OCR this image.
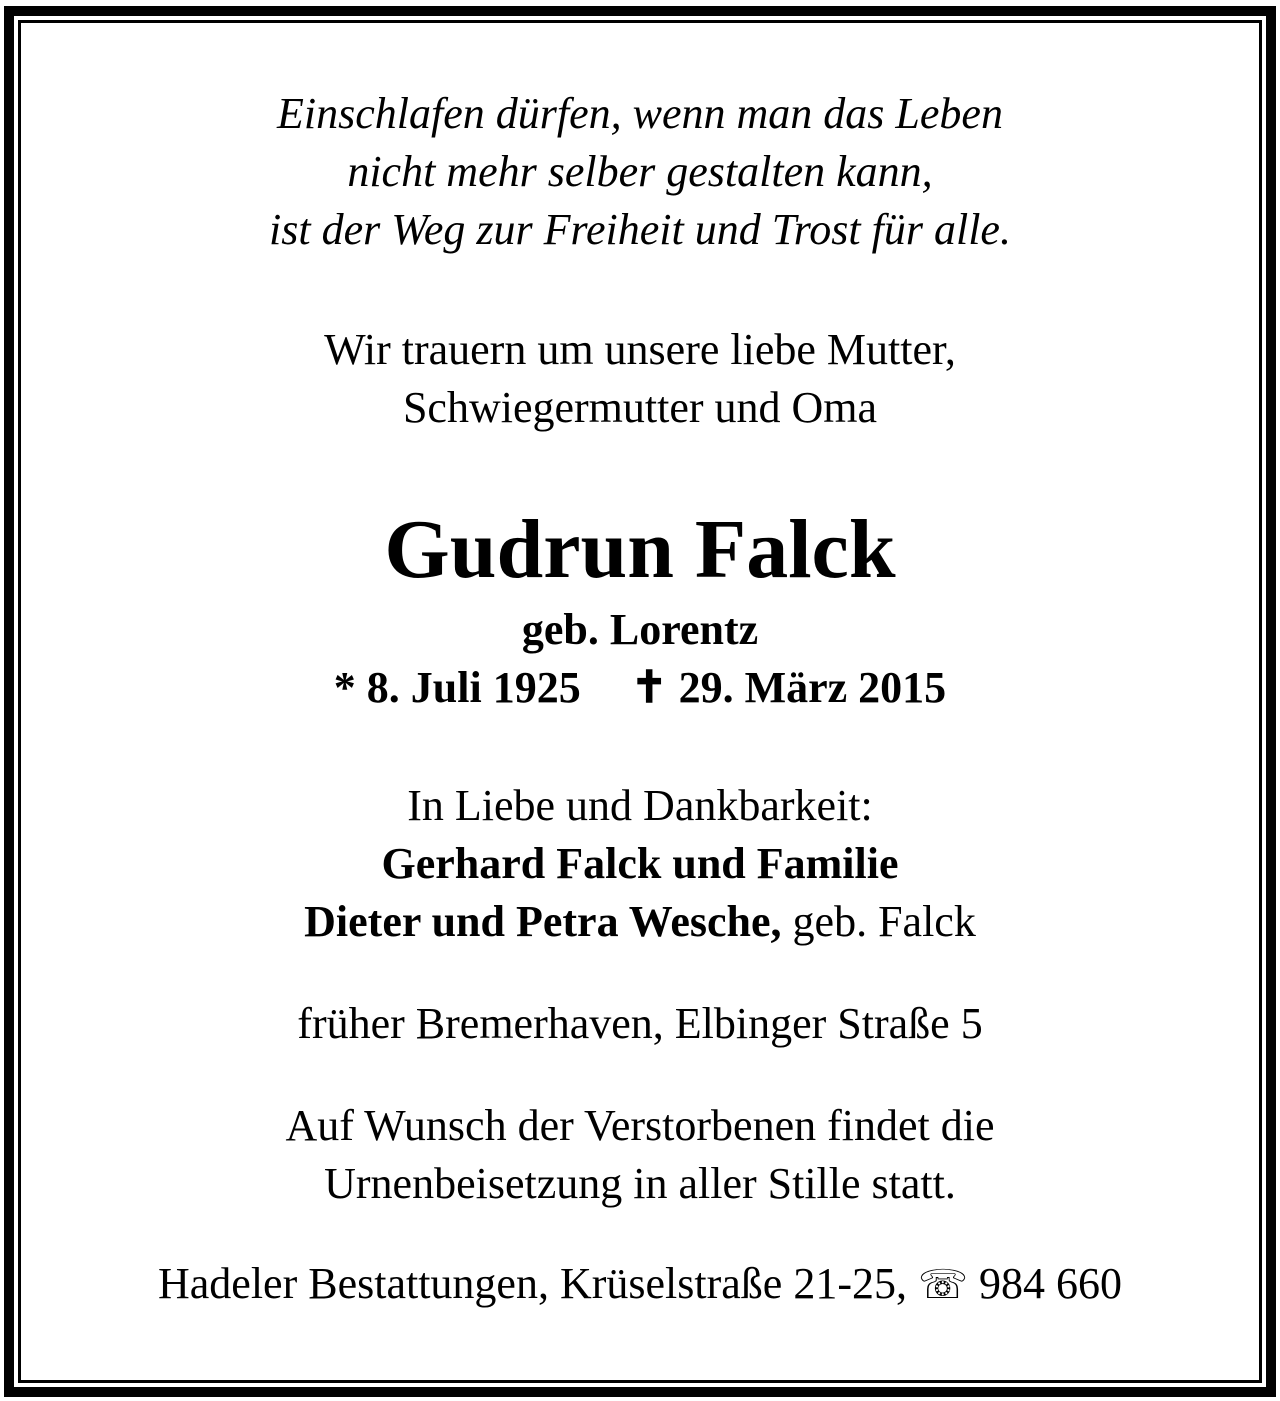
Einschlafen dürfen, wenn man das Leben
nicht mehr selber gestalten kann,
ist der Weg zur Freiheit und Trost für alle.
Wir trauern um unsere liebe Mutter,
Schwiegermutter und Oma
Gudrun Falck
geb. Lorentz
* 8. Juli 1925 ✝ 29. März 2015
In Liebe und Dankbarkeit:
Gerhard Falck und Familie
Dieter und Petra Wesche, geb. Falck
früher Bremerhaven, Elbinger Straße 5
Auf Wunsch der Verstorbenen findet die
Urnenbeisetzung in aller Stille statt.
Hadeler Bestattungen, Krüselstraße 21-25, ☏ 984 660
